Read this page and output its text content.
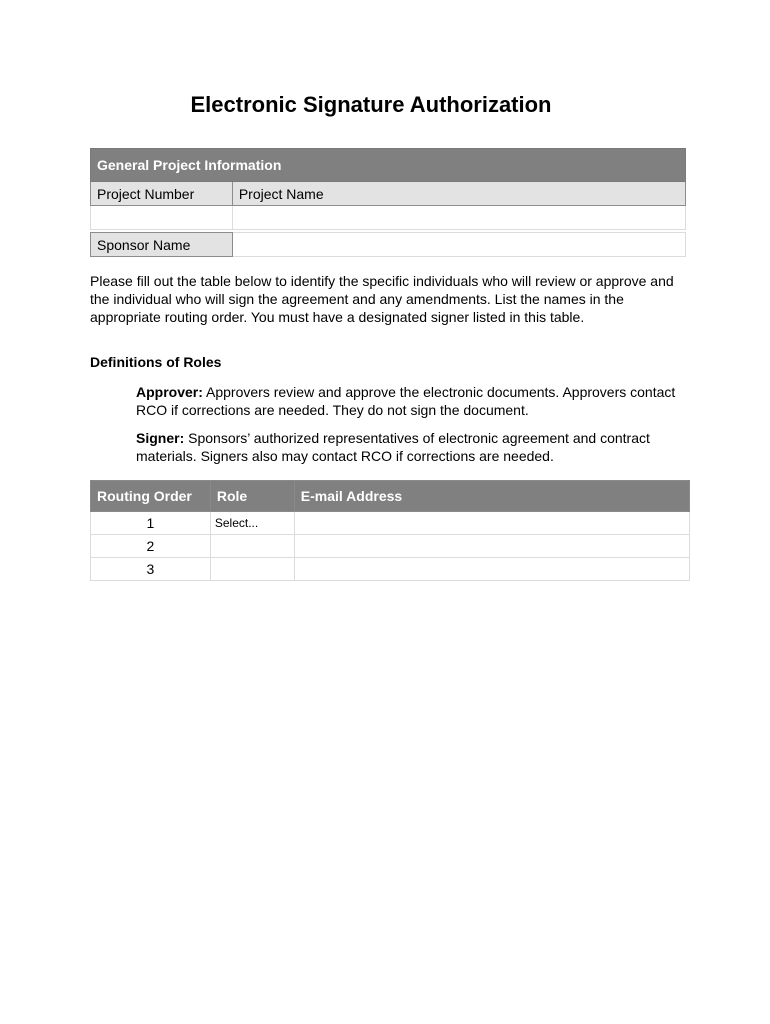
Electronic Signature Authorization
General Project Information	
Project Number	Project Name

Sponsor Name	

Please fill out the table below to identify the specific individuals who will review or approve and the individual who will sign the agreement and any amendments. List the names in the appropriate routing order. You must have a designated signer listed in this table.

Definitions of Roles

Approver: Approvers review and approve the electronic documents. Approvers contact RCO if corrections are needed. They do not sign the document.

Signer: Sponsors’ authorized representatives of electronic agreement and contract materials. Signers also may contact RCO if corrections are needed.

Routing Order	Role	E-mail Address
1	Select...	
2		
3		
